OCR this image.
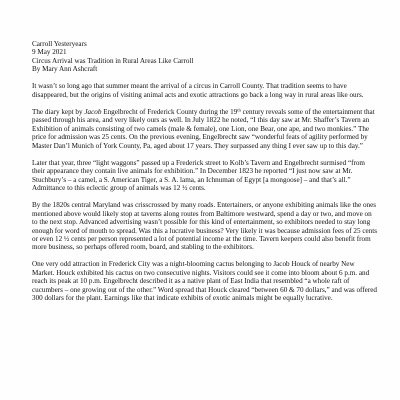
Carroll Yesteryears
9 May 2021
Circus Arrival was Tradition in Rural Areas Like Carroll
By Mary Ann Ashcraft

It wasn’t so long ago that summer meant the arrival of a circus in Carroll County. That tradition seems to have disappeared, but the origins of visiting animal acts and exotic attractions go back a long way in rural areas like ours.

The diary kept by Jacob Engelbrecht of Frederick County during the 19th century reveals some of the entertainment that passed through his area, and very likely ours as well. In July 1822 he noted, “I this day saw at Mr. Shaffer’s Tavern an Exhibition of animals consisting of two camels (male & female), one Lion, one Bear, one ape, and two monkies.” The price for admission was 25 cents. On the previous evening, Engelbrecht saw “wonderful feats of agility performed by Master Dan’l Munich of York County, Pa, aged about 17 years. They surpassed any thing I ever saw up to this day.”

Later that year, three “light waggons” passed up a Frederick street to Kolb’s Tavern and Engelbrecht surmised “from their appearance they contain live animals for exhibition.” In December 1823 he reported “I just now saw at Mr. Stuchbury’s – a camel, a S. American Tiger, a S. A. lama, an Ichnuman of Egypt [a mongoose] – and that’s all.” Admittance to this eclectic group of animals was 12 ½ cents.

By the 1820s central Maryland was crisscrossed by many roads. Entertainers, or anyone exhibiting animals like the ones mentioned above would likely stop at taverns along routes from Baltimore westward, spend a day or two, and move on to the next stop. Advanced advertising wasn’t possible for this kind of entertainment, so exhibitors needed to stay long enough for word of mouth to spread. Was this a lucrative business? Very likely it was because admission fees of 25 cents or even 12 ½ cents per person represented a lot of potential income at the time. Tavern keepers could also benefit from more business, so perhaps offered room, board, and stabling to the exhibitors.

One very odd attraction in Frederick City was a night-blooming cactus belonging to Jacob Houck of nearby New Market. Houck exhibited his cactus on two consecutive nights. Visitors could see it come into bloom about 6 p.m. and reach its peak at 10 p.m. Engelbrecht described it as a native plant of East India that resembled “a whole raft of cucumbers – one growing out of the other.” Word spread that Houck cleared “between 60 & 70 dollars,” and was offered 300 dollars for the plant. Earnings like that indicate exhibits of exotic animals might be equally lucrative.
